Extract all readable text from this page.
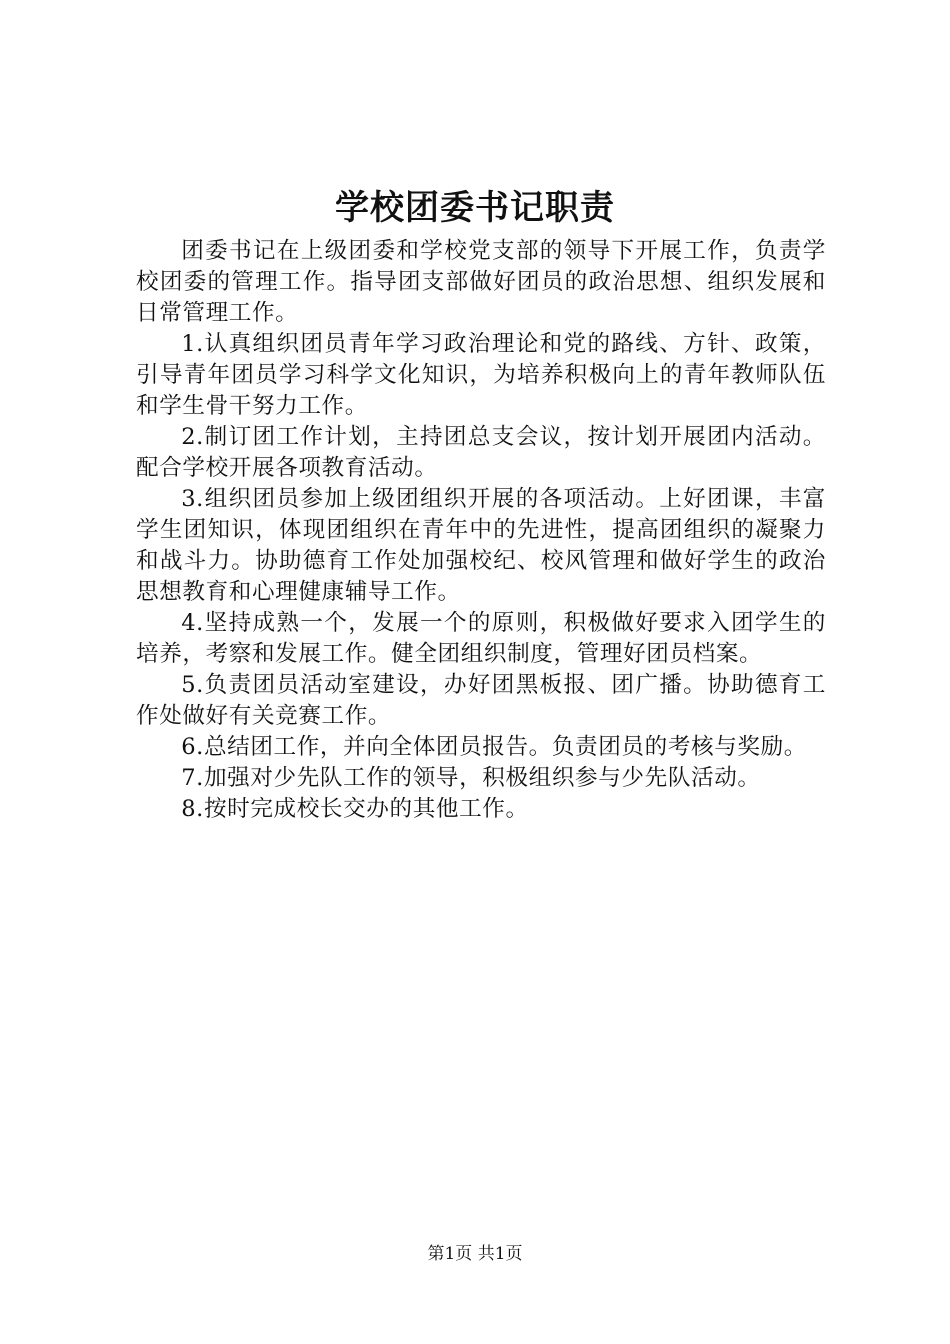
学校团委书记职责

团委书记在上级团委和学校党支部的领导下开展工作，负责学校团委的管理工作。指导团支部做好团员的政治思想、组织发展和日常管理工作。

1.认真组织团员青年学习政治理论和党的路线、方针、政策，引导青年团员学习科学文化知识，为培养积极向上的青年教师队伍和学生骨干努力工作。

2.制订团工作计划，主持团总支会议，按计划开展团内活动。配合学校开展各项教育活动。

3.组织团员参加上级团组织开展的各项活动。上好团课，丰富学生团知识，体现团组织在青年中的先进性，提高团组织的凝聚力和战斗力。协助德育工作处加强校纪、校风管理和做好学生的政治思想教育和心理健康辅导工作。

4.坚持成熟一个，发展一个的原则，积极做好要求入团学生的培养，考察和发展工作。健全团组织制度，管理好团员档案。

5.负责团员活动室建设，办好团黑板报、团广播。协助德育工作处做好有关竞赛工作。

6.总结团工作，并向全体团员报告。负责团员的考核与奖励。

7.加强对少先队工作的领导，积极组织参与少先队活动。

8.按时完成校长交办的其他工作。

第1页 共1页
